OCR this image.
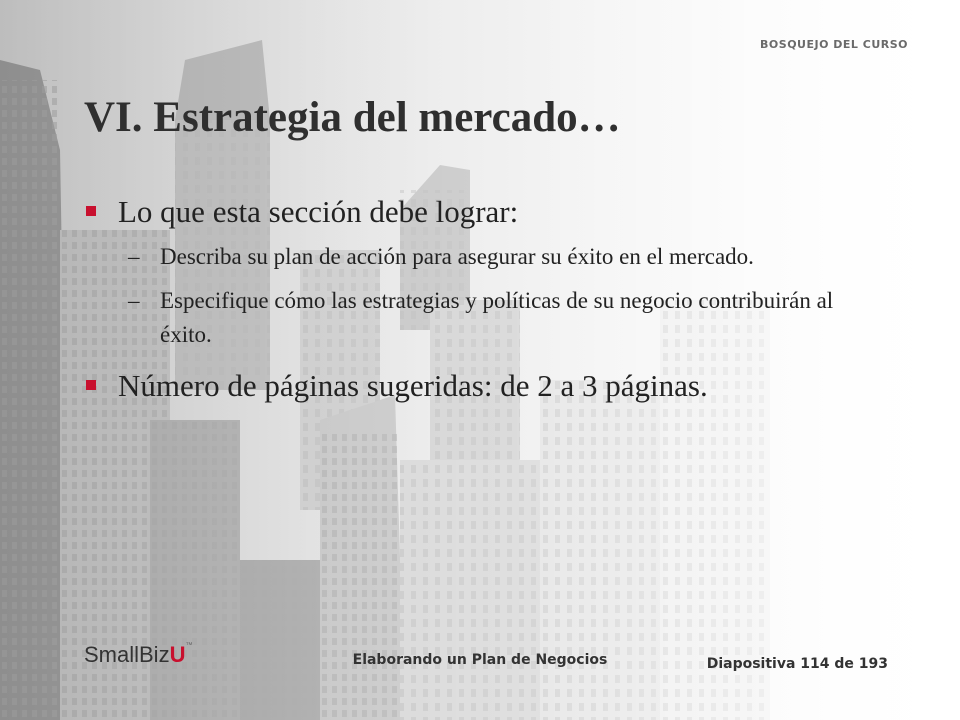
BOSQUEJO DEL CURSO
VI. Estrategia del mercado…

Lo que esta sección debe lograr:

– Describa su plan de acción para asegurar su éxito en el mercado.

– Especifique cómo las estrategias y políticas de su negocio contribuirán al éxito.

Número de páginas sugeridas: de 2 a 3 páginas.

SmallBizU™
Elaborando un Plan de Negocios	Diapositiva 114 de 193
